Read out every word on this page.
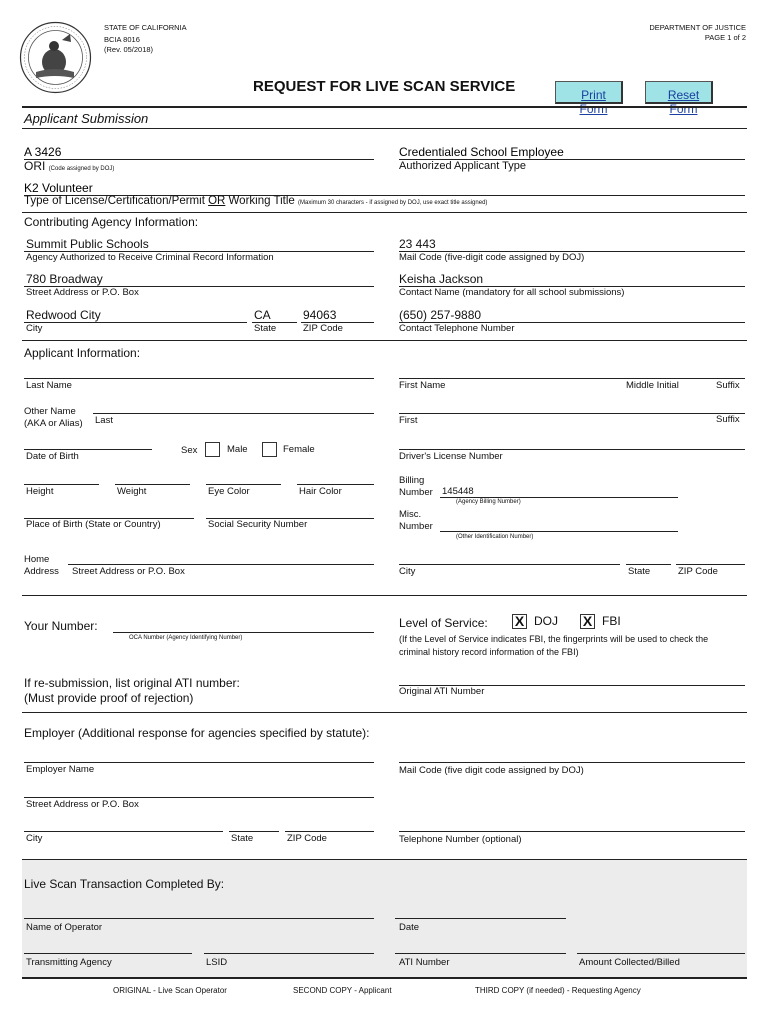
STATE OF CALIFORNIA
BCIA 8016
(Rev. 05/2018)
DEPARTMENT OF JUSTICE
PAGE 1 of 2
REQUEST FOR LIVE SCAN SERVICE	Print Form
Reset Form
Applicant Submission
A 3426
ORI (Code assigned by DOJ)
Credentialed School Employee	Authorized Applicant Type
K2 Volunteer
Type of License/Certification/Permit OR Working Title (Maximum 30 characters - if assigned by DOJ, use exact title assigned)
Contributing Agency Information:
Summit Public Schools
Agency Authorized to Receive Criminal Record Information
23 443
Mail Code (five-digit code assigned by DOJ)
780 Broadway
Street Address or P.O. Box
Keisha Jackson
Contact Name (mandatory for all school submissions)
Redwood City
City
CA
State
94063
ZIP Code
(650) 257-9880
Contact Telephone Number
Applicant Information:
Last Name	First Name	Middle Initial	Suffix
Other Name
(AKA or Alias) Last	First	Suffix
Date of Birth
Sex	Male	Female
Driver's License Number
Height	Weight	Eye Color	Hair Color
Billing
Number 145448
(Agency Billing Number)
Place of Birth (State or Country)	Social Security Number
Misc.
Number
(Other Identification Number)
Home
Address Street Address or P.O. Box	City	State	ZIP Code
Your Number:
OCA Number (Agency Identifying Number)
Level of Service: X DOJ X FBI
(If the Level of Service indicates FBI, the fingerprints will be used to check the
criminal history record information of the FBI)
If re-submission, list original ATI number:
(Must provide proof of rejection)	Original ATI Number
Employer (Additional response for agencies specified by statute):
Employer Name	Mail Code (five digit code assigned by DOJ)
Street Address or P.O. Box
City	State	ZIP Code	Telephone Number (optional)
Live Scan Transaction Completed By:
Name of Operator	Date
Transmitting Agency	LSID	ATI Number	Amount Collected/Billed
ORIGINAL - Live Scan Operator	SECOND COPY - Applicant	THIRD COPY (if needed) - Requesting Agency
